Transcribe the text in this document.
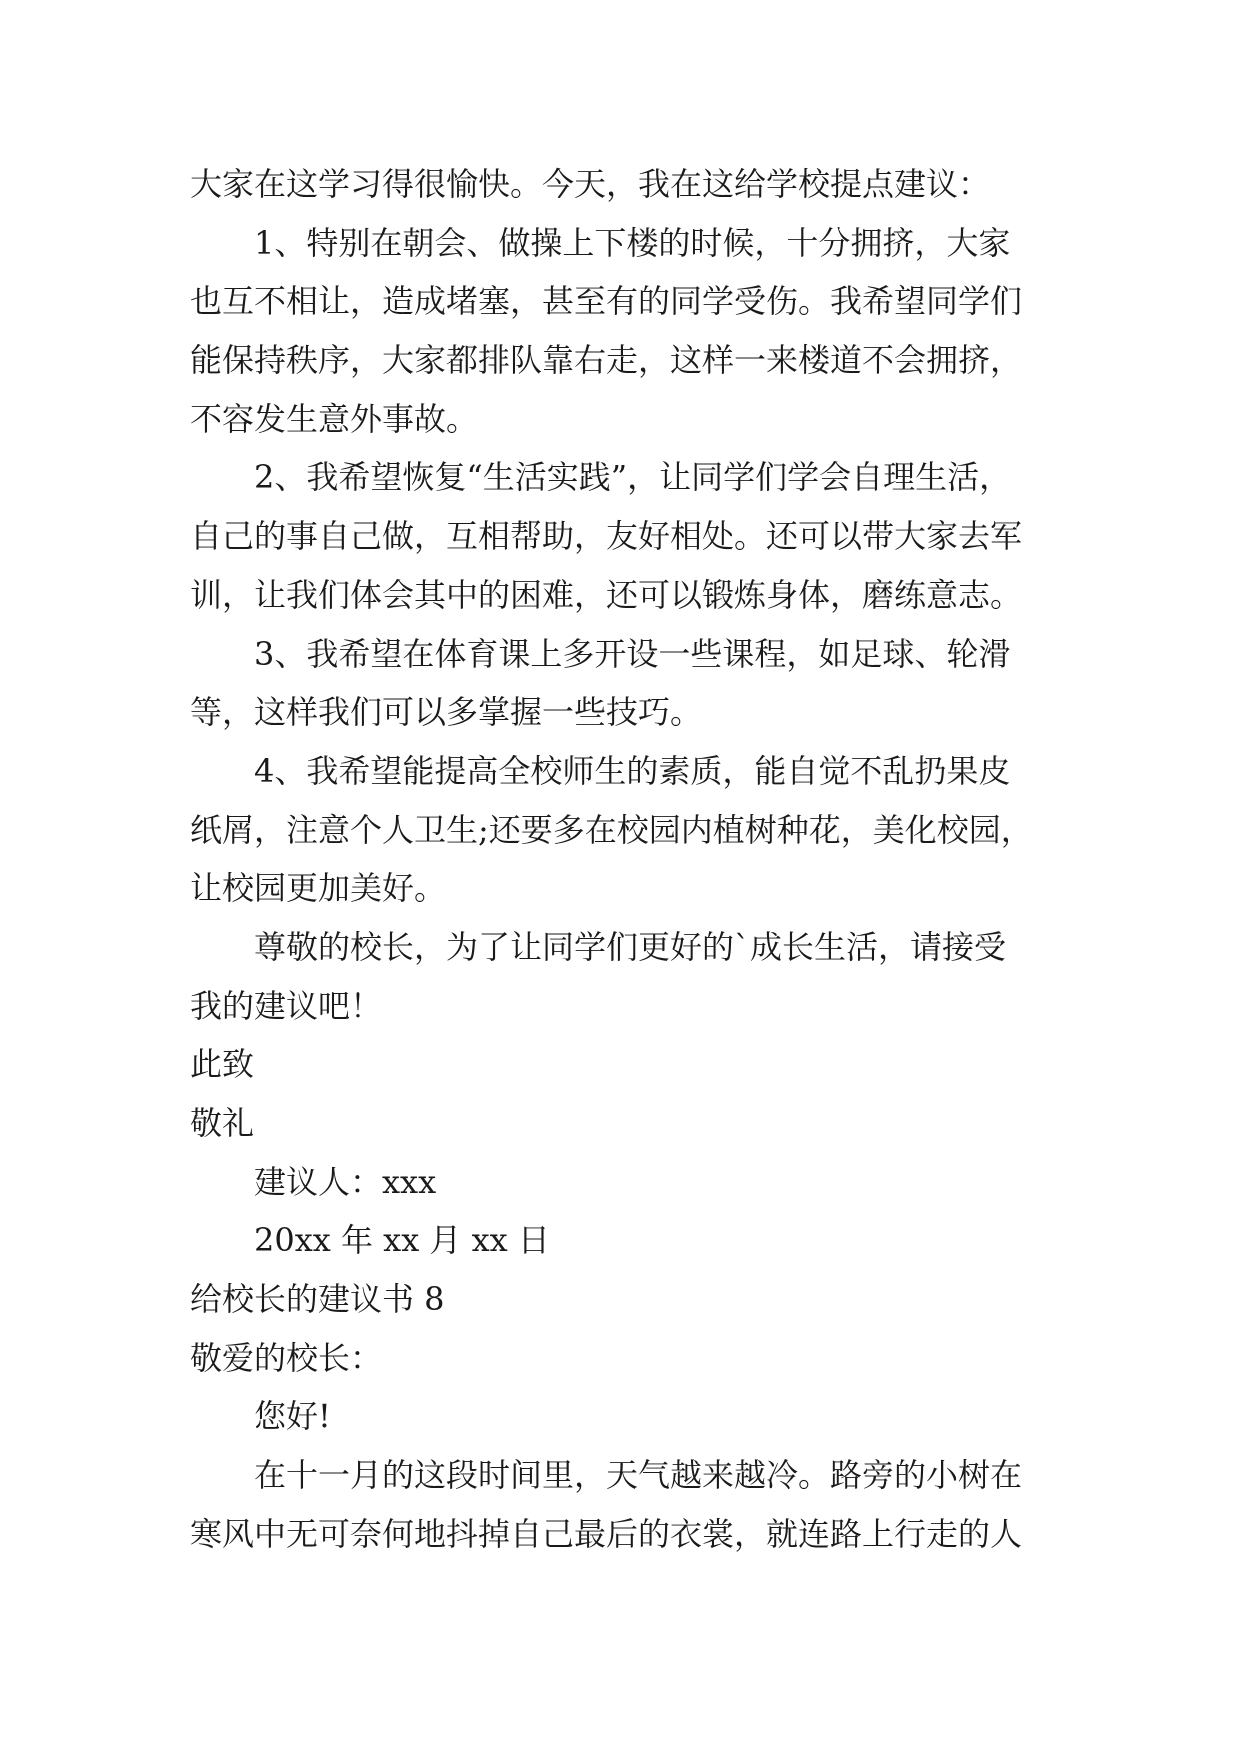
大家在这学习得很愉快。今天，我在这给学校提点建议：
1、特别在朝会、做操上下楼的时候，十分拥挤，大家
也互不相让，造成堵塞，甚至有的同学受伤。我希望同学们
能保持秩序，大家都排队靠右走，这样一来楼道不会拥挤，
不容发生意外事故。
2、我希望恢复“生活实践”，让同学们学会自理生活，
自己的事自己做，互相帮助，友好相处。还可以带大家去军
训，让我们体会其中的困难，还可以锻炼身体，磨练意志。
3、我希望在体育课上多开设一些课程，如足球、轮滑
等，这样我们可以多掌握一些技巧。
4、我希望能提高全校师生的素质，能自觉不乱扔果皮
纸屑，注意个人卫生;还要多在校园内植树种花，美化校园，
让校园更加美好。
尊敬的校长，为了让同学们更好的`成长生活，请接受
我的建议吧！
此致
敬礼
建议人：xxx
20xx 年 xx 月 xx 日
给校长的建议书 8
敬爱的校长：
您好!
在十一月的这段时间里，天气越来越冷。路旁的小树在
寒风中无可奈何地抖掉自己最后的衣裳，就连路上行走的人
